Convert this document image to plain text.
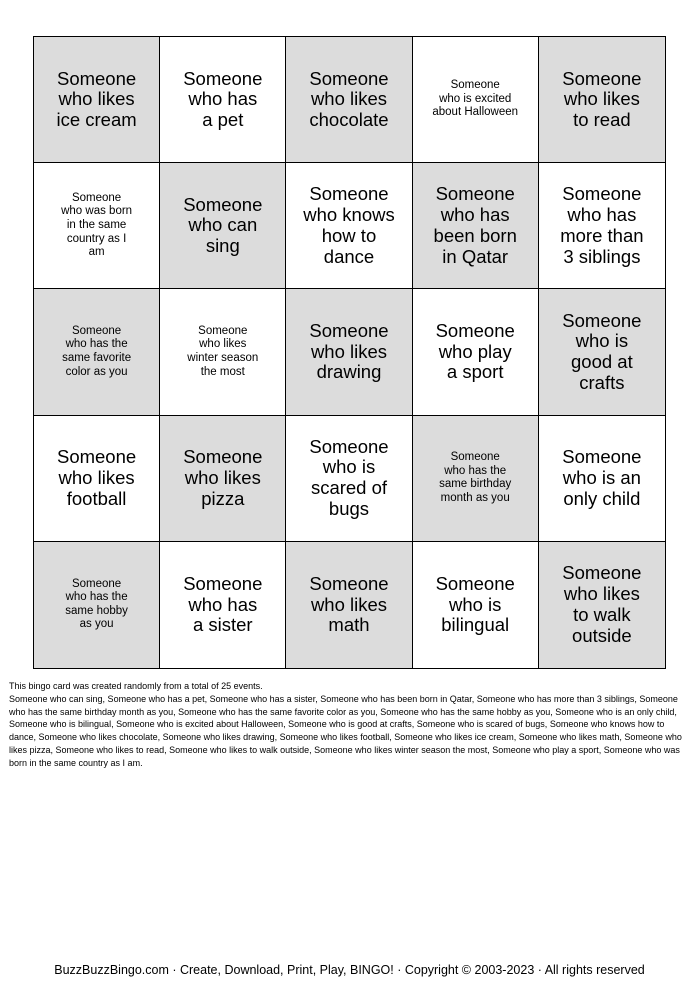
Someone
who likes
ice cream
Someone
who has
a pet
Someone
who likes
chocolate
Someone
who is excited
about Halloween
Someone
who likes
to read
Someone
who was born
in the same
country as I
am
Someone
who can
sing
Someone
who knows
how to
dance
Someone
who has
been born
in Qatar
Someone
who has
more than
3 siblings
Someone
who has the
same favorite
color as you
Someone
who likes
winter season
the most
Someone
who likes
drawing
Someone
who play
a sport
Someone
who is
good at
crafts
Someone
who likes
football
Someone
who likes
pizza
Someone
who is
scared of
bugs
Someone
who has the
same birthday
month as you
Someone
who is an
only child
Someone
who has the
same hobby
as you
Someone
who has
a sister
Someone
who likes
math
Someone
who is
bilingual
Someone
who likes
to walk
outside

This bingo card was created randomly from a total of 25 events.

Someone who can sing, Someone who has a pet, Someone who has a sister, Someone who has been born in Qatar, Someone who has more than 3 siblings, Someone who has the same birthday month as you, Someone who has the same favorite color as you, Someone who has the same hobby as you, Someone who is an only child, Someone who is bilingual, Someone who is excited about Halloween, Someone who is good at crafts, Someone who is scared of bugs, Someone who knows how to dance, Someone who likes chocolate, Someone who likes drawing, Someone who likes football, Someone who likes ice cream, Someone who likes math, Someone who likes pizza, Someone who likes to read, Someone who likes to walk outside, Someone who likes winter season the most, Someone who play a sport, Someone who was born in the same country as I am.

BuzzBuzzBingo.com · Create, Download, Print, Play, BINGO! · Copyright © 2003-2023 · All rights reserved
